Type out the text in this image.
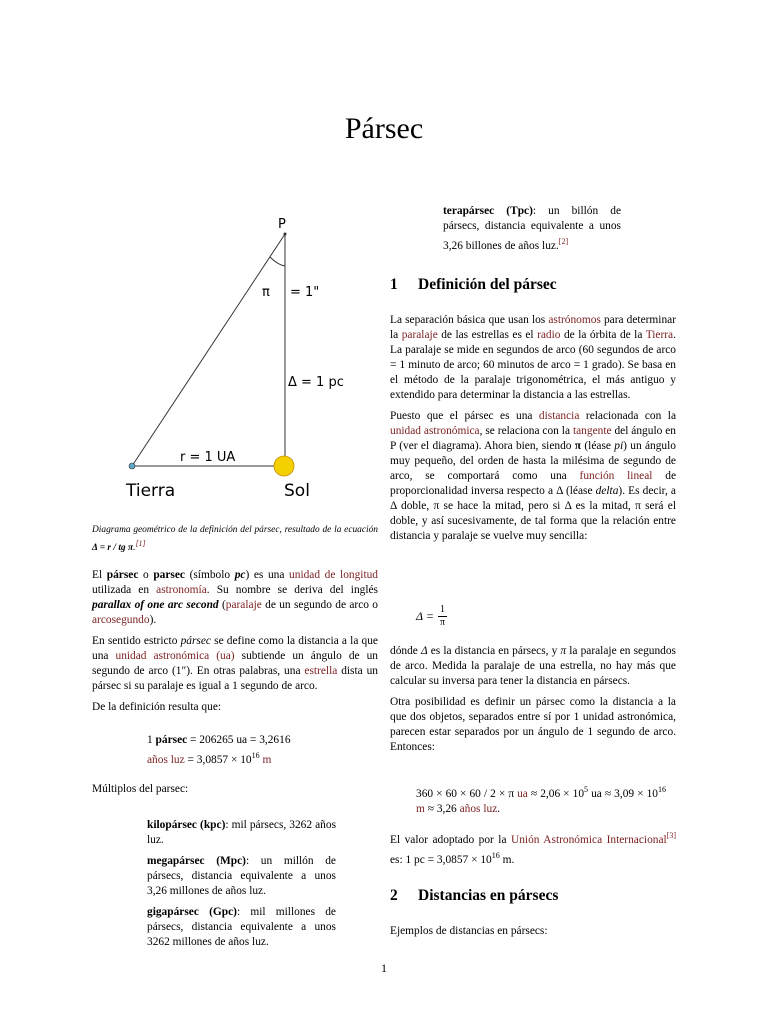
Pársec
P
π = 1"
Δ = 1 pc
r = 1 UA
Tierra	Sol
Diagrama geométrico de la definición del pársec, resultado de la ecuación Δ = r / tg π.[1]

El pársec o parsec (símbolo pc) es una unidad de longitud utilizada en astronomía. Su nombre se deriva del inglés parallax of one arc second (paralaje de un segundo de arco o arcosegundo).

En sentido estricto pársec se define como la distancia a la que una unidad astronómica (ua) subtiende un ángulo de un segundo de arco (1″). En otras palabras, una estrella dista un pársec si su paralaje es igual a 1 segundo de arco.

De la definición resulta que:

1 pársec = 206265 ua = 3,2616
años luz = $3,0857 \times 10^{16}$ m
Múltiplos del parsec:

kilopársec (kpc): mil pársecs, 3262 años luz.

megapársec (Mpc): un millón de pársecs, distancia equivalente a unos 3,26 millones de años luz.

gigapársec (Gpc): mil millones de pársecs, distancia equivalente a unos 3262 millones de años luz.

terapársec (Tpc): un billón de pársecs, distancia equivalente a unos 3,26 billones de años luz.[2]
1 Definición del pársec

La separación básica que usan los astrónomos para determinar la paralaje de las estrellas es el radio de la órbita de la Tierra. La paralaje se mide en segundos de arco (60 segundos de arco = 1 minuto de arco; 60 minutos de arco = 1 grado). Se basa en el método de la paralaje trigonométrica, el más antiguo y extendido para determinar la distancia a las estrellas.

Puesto que el pársec es una distancia relacionada con la unidad astronómica, se relaciona con la tangente del ángulo en P (ver el diagrama). Ahora bien, siendo π (léase pi) un ángulo muy pequeño, del orden de hasta la milésima de segundo de arco, se comportará como una función lineal de proporcionalidad inversa respecto a Δ (léase delta). Es decir, a Δ doble, π se hace la mitad, pero si Δ es la mitad, π será el doble, y así sucesivamente, de tal forma que la relación entre distancia y paralaje se vuelve muy sencilla:

$\Delta = \frac{1}{\pi}$

dónde Δ es la distancia en pársecs, y π la paralaje en segundos de arco. Medida la paralaje de una estrella, no hay más que calcular su inversa para tener la distancia en pársecs.

Otra posibilidad es definir un pársec como la distancia a la que dos objetos, separados entre sí por 1 unidad astronómica, parecen estar separados por un ángulo de 1 segundo de arco. Entonces:

360 × 60 × 60 / 2 × π ua ≈ $2,06 \times 10^5$ ua ≈ $3,09 \times 10^{16}$ m ≈ 3,26 años luz.
El valor adoptado por la Unión Astronómica Internacional[3] es: 1 pc = $3,0857 \times 10^{16}$ m.
2 Distancias en pársecs
Ejemplos de distancias en pársecs:
1
